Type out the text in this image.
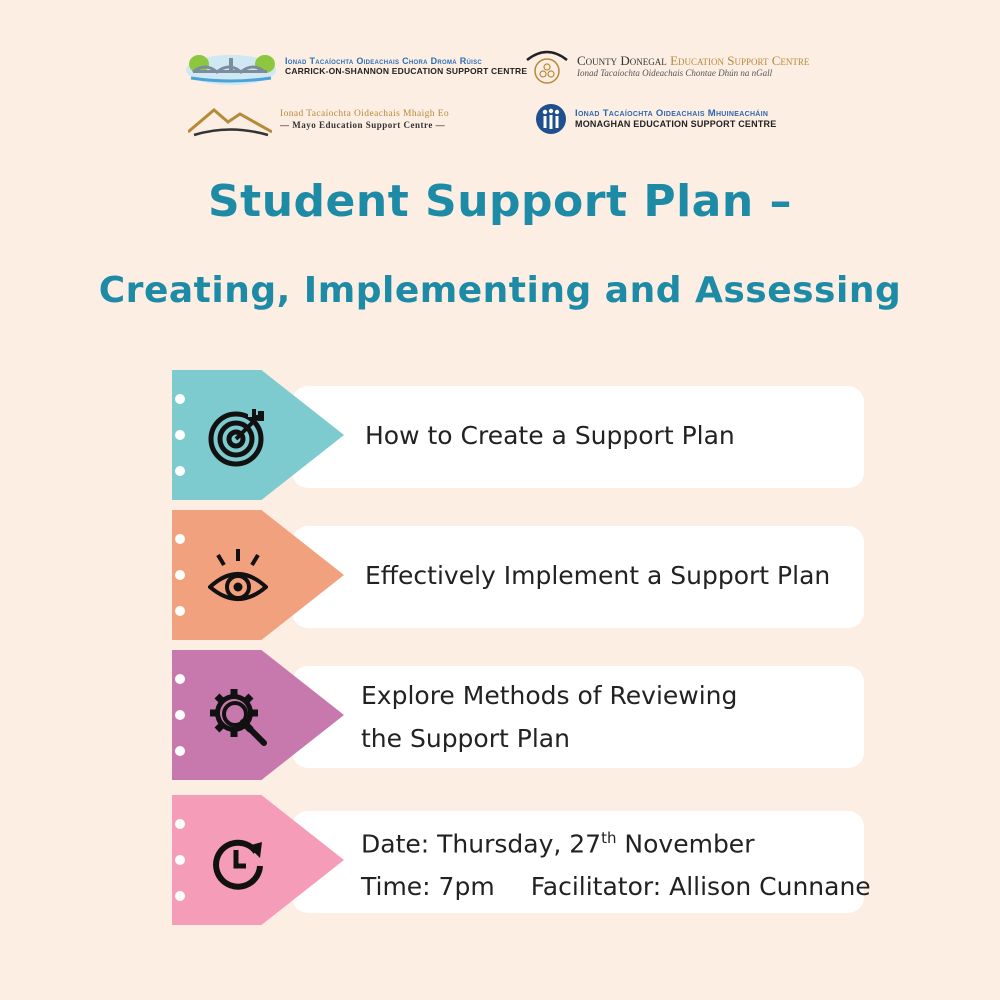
Ionad Tacaíochta Oideachais Chora Droma Rúisc
CARRICK-ON-SHANNON EDUCATION SUPPORT CENTRE
County Donegal Education Support Centre
Ionad Tacaíochta Oideachais Chontae Dhún na nGall
Ionad Tacaíochta Oideachais Mhaigh Eo
— Mayo Education Support Centre —
Ionad Tacaíochta Oideachais Mhuineacháin
MONAGHAN EDUCATION SUPPORT CENTRE
Student Support Plan –
Creating, Implementing and Assessing
How to Create a Support Plan
Effectively Implement a Support Plan
Explore Methods of Reviewing
the Support Plan
Date: Thursday, 27th November
Time: 7pm Facilitator: Allison Cunnane
